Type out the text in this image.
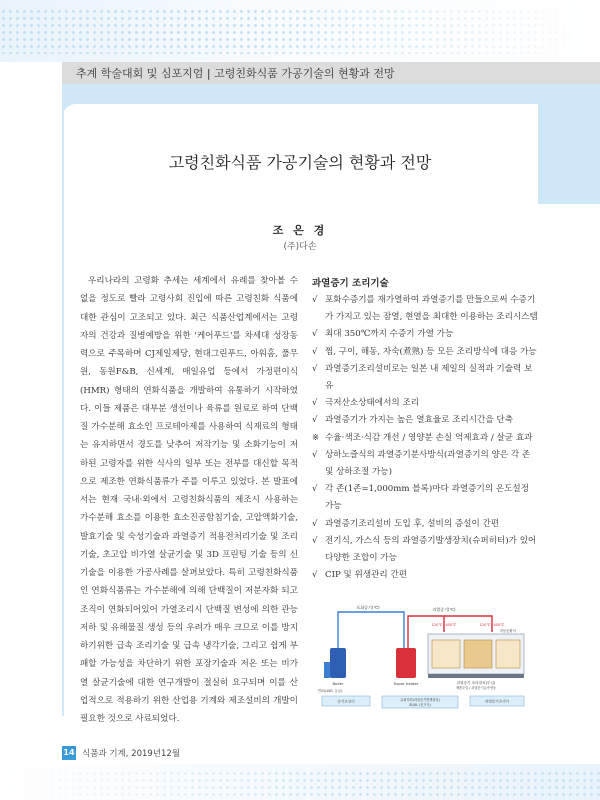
추계 학술대회 및 심포지엄 | 고령친화식품 가공기술의 현황과 전망
고령친화식품 가공기술의 현황과 전망
조 은 경
(주)다손

우리나라의 고령화 추세는 세계에서 유례를 찾아볼 수 없을 정도로 빨라 고령사회 진입에 따른 고령친화 식품에 대한 관심이 고조되고 있다. 최근 식품산업계에서는 고령자의 건강과 질병예방을 위한 '케어푸드'를 차세대 성장동력으로 주목하며 CJ제일제당, 현대그린푸드, 아워홈, 풀무원, 동원F&B, 신세계, 매일유업 등에서 가정편이식(HMR) 형태의 연화식품을 개발하여 유통하기 시작하였다. 이들 제품은 대부분 생선이나 육류를 원료로 하여 단백질 가수분해 효소인 프로테아제를 사용하여 식재료의 형태는 유지하면서 경도를 낮추어 저작기능 및 소화기능이 저하된 고령자를 위한 식사의 일부 또는 전부를 대신할 목적으로 제조한 연화식품류가 주를 이루고 있었다. 본 발표에서는 현재 국내·외에서 고령친화식품의 제조시 사용하는 가수분해 효소를 이용한 효소진공함침기술, 고압액화기술, 발효기술 및 숙성기술과 과열증기 적용전처리기술 및 조리기술, 초고압 비가열 살균기술 및 3D 프린팅 기술 등의 신기술을 이용한 가공사례를 살펴보았다. 특히 고령친화식품인 연화식품류는 가수분해에 의해 단백질이 저분자화 되고 조직이 연화되어있어 가열조리시 단백질 변성에 의한 관능 저하 및 유해물질 생성 등의 우려가 매우 크므로 이를 방지하기위한 급속 조리기술 및 급속 냉각기술, 그리고 쉽게 부패할 가능성을 차단하기 위한 포장기술과 저온 또는 비가열 살균기술에 대한 연구개발이 절실히 요구되며 이를 산업적으로 적용하기 위한 산업용 기계와 제조설비의 개발이 필요한 것으로 사료되었다.

과열증기 조리기술
√ 포화수증기를 재가열하여 과열증기를 만들으로써 수증기가 가지고 있는 잠열, 현열을 최대한 이용하는 조리시스템
√ 최대 350℃까지 수증기 가열 가능
√ 찜, 구이, 해동, 자숙(煮熟) 등 모든 조리방식에 대응 가능
√ 과열증기조리설비로는 일본 내 제일의 실적과 기술력 보유
√ 극저산소상태에서의 조리
√ 과열증기가 가지는 높은 열효율로 조리시간을 단축
※ 수율·색조·식감 개선 / 영양분 손실 억제효과 / 살균 효과
√ 상하노즐식의 과열증기분사방식(과열증기의 양은 각 존 및 상하조절 가능)
√ 각 존(1존=1,000mm 블록)마다 과열증기의 온도설정 가능
√ 과열증기조리설비 도입 후, 설비의 증설이 간편
√ 전기식, 가스식 등의 과열증기발생장치(슈퍼히터)가 있어 다양한 조합이 가능
√ CIP 및 위생관리 간편
포화증기(℃)	과열증기(℃)
120℃~450℃	120℃~450℃
Boiler	Super heater	과열증기 조리장치(투입)
자동순환식
연료(LNG, 등유)
제품투입 / 과열증기급속냉동
증기보일러	슈퍼히터(과열증기발생장치)
SUUL (전기식)
과열증기조리기
14 식품과 기계, 2019년12월
